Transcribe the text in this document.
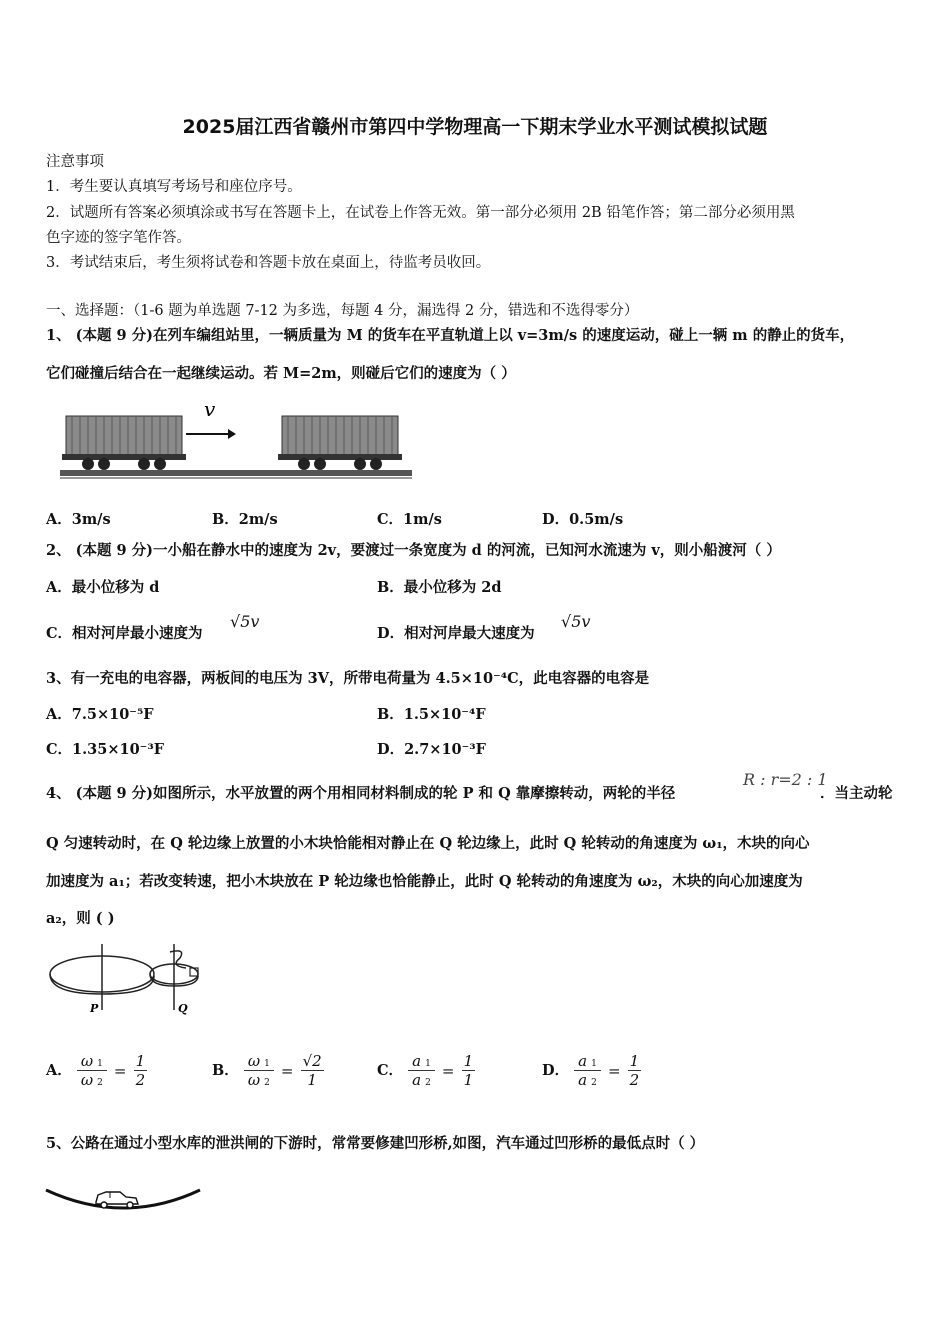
2025届江西省赣州市第四中学物理高一下期末学业水平测试模拟试题
注意事项
1．考生要认真填写考场号和座位序号。
2．试题所有答案必须填涂或书写在答题卡上，在试卷上作答无效。第一部分必须用 2B 铅笔作答；第二部分必须用黑
色字迹的签字笔作答。
3．考试结束后，考生须将试卷和答题卡放在桌面上，待监考员收回。
一、选择题：（1-6 题为单选题 7-12 为多选，每题 4 分，漏选得 2 分，错选和不选得零分）
1、 (本题 9 分)在列车编组站里，一辆质量为 M 的货车在平直轨道上以 v=3m/s 的速度运动，碰上一辆 m 的静止的货车，
它们碰撞后结合在一起继续运动。若 M=2m，则碰后它们的速度为（ ）
v
A．3m/s	B．2m/s	C．1m/s	D．0.5m/s
2、 (本题 9 分)一小船在静水中的速度为 2v，要渡过一条宽度为 d 的河流，已知河水流速为 v，则小船渡河（ ）
A．最小位移为 d	B．最小位移为 2d
C．相对河岸最小速度为
√5v
D．相对河岸最大速度为
√5v
3、有一充电的电容器，两板间的电压为 3V，所带电荷量为 4.5×10⁻⁴C，此电容器的电容是
A．7.5×10⁻⁵F	B．1.5×10⁻⁴F
C．1.35×10⁻³F	D．2.7×10⁻³F
4、 (本题 9 分)如图所示，水平放置的两个用相同材料制成的轮 P 和 Q 靠摩擦转动，两轮的半径
R : r=2 : 1
．当主动轮
Q 匀速转动时，在 Q 轮边缘上放置的小木块恰能相对静止在 Q 轮边缘上，此时 Q 轮转动的角速度为 ω₁，木块的向心
加速度为 a₁；若改变转速，把小木块放在 P 轮边缘也恰能静止，此时 Q 轮转动的角速度为 ω₂，木块的向心加速度为
a₂，则 ( )
P	Q
A． $\frac{\omega 1}{\omega 2} = \frac{1}{2}$	B． $\frac{\omega 1}{\omega 2} = \frac{√2}{1}$	C． $\frac{a 1}{a 2} = \frac{1}{1}$	D． $\frac{a 1}{a 2} = \frac{1}{2}$
5、公路在通过小型水库的泄洪闸的下游时，常常要修建凹形桥,如图，汽车通过凹形桥的最低点时（ ）
